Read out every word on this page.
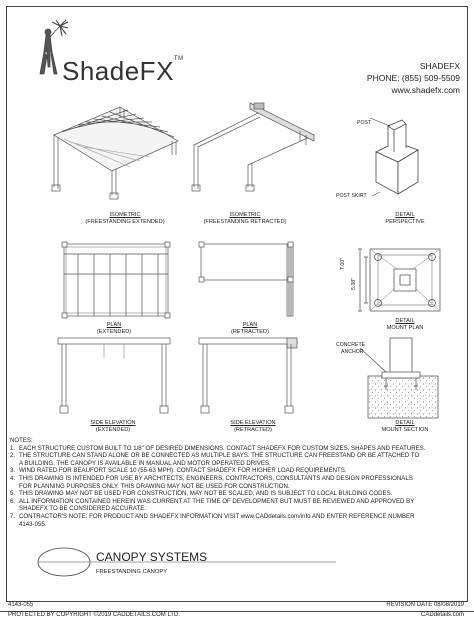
ShadeFX™
SHADEFX
PHONE: (855) 509-5509
www.shadefx.com
ISOMETRIC
(FREESTANDING EXTENDED)
ISOMETRIC
(FREESTANDING RETRACTED)
POST
POST SKIRT
DETAIL
PERSPECTIVE
PLAN
(EXTENDED)
PLAN
(RETRACTED)
7.00"
5.38"
DETAIL
MOUNT PLAN
SIDE ELEVATION
(EXTENDED)
SIDE ELEVATION
(RETRACTED)
CONCRETE
ANCHOR
DETAIL
MOUNT SECTION
NOTES:
1. EACH STRUCTURE CUSTOM BUILT TO 1/8" OF DESIRED DIMENSIONS. CONTACT SHADEFX FOR CUSTOM SIZES, SHAPES AND FEATURES.
2. THE STRUCTURE CAN STAND ALONE OR BE CONNECTED AS MULTIPLE BAYS. THE STRUCTURE CAN FREESTAND OR BE ATTACHED TO
A BUILDING. THE CANOPY IS AVAILABLE IN MANUAL AND MOTOR OPERATED DRIVES.
3. WIND RATED FOR BEAUFORT SCALE 10 (55-63 MPH). CONTACT SHADEFX FOR HIGHER LOAD REQUIREMENTS.
4. THIS DRAWING IS INTENDED FOR USE BY ARCHITECTS, ENGINEERS, CONTRACTORS, CONSULTANTS AND DESIGN PROFESSIONALS
FOR PLANNING PURPOSES ONLY. THIS DRAWING MAY NOT BE USED FOR CONSTRUCTION.
5. THIS DRAWING MAY NOT BE USED FOR CONSTRUCTION, MAY NOT BE SCALED, AND IS SUBJECT TO LOCAL BUILDING CODES.
6. ALL INFORMATION CONTAINED HEREIN WAS CURRENT AT THE TIME OF DEVELOPMENT BUT MUST BE REVIEWED AND APPROVED BY
SHADEFX TO BE CONSIDERED ACCURATE.
7. CONTRACTOR'S NOTE: FOR PRODUCT AND SHADEFX INFORMATION VISIT www.CADdetails.com/info AND ENTER REFERENCE NUMBER
4143-055.
CANOPY SYSTEMS
FREESTANDING CANOPY
4143-055	REVISION DATE 08/08/2019
PROTECTED BY COPYRIGHT ©2019 CADDETAILS.COM LTD.	CADdetails.com
